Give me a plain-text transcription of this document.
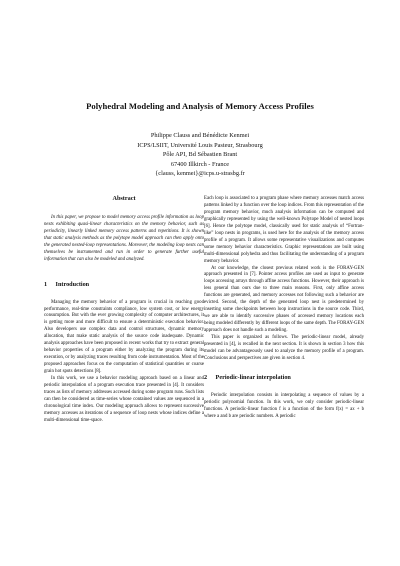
Polyhedral Modeling and Analysis of Memory Access Profiles
Philippe Clauss and Bénédicte Kenmei
ICPS/LSIIT, Université Louis Pasteur, Strasbourg
Pôle API, Bd Sébastien Brant
67400 Illkirch - France
{clauss, kenmei}@icps.u-strasbg.fr
Abstract

In this paper, we propose to model memory access profile information as loop nests exhibiting quasi-linear characteristics on the memory behavior, such as periodicity, linearly linked memory access patterns and repetitions. It is shown that static analysis methods as the polytope model approach can then apply onto the generated nested-loop representations. Moreover, the modeling loop nests can themselves be instrumented and run in order to generate further useful information that can also be modeled and analyzed.

1 Introduction

Managing the memory behavior of a program is crucial in reaching good performance, real-time constraints compliance, low system cost, or low energy consumption. But with the ever growing complexity of computer architectures, it is getting more and more difficult to ensure a deterministic execution behavior. Also developers use complex data and control structures, dynamic memory allocation, that make static analysis of the source code inadequate. Dynamic analysis approaches have been proposed in recent works that try to extract general behavior properties of a program either by analyzing the program during its execution, or by analyzing traces resulting from code instrumentation. Most of the proposed approaches focus on the computation of statistical quantities or coarse grain hot spots detections [8].

In this work, we use a behavior modeling approach based on a linear and periodic interpolation of a program execution trace presented in [4]. It considers traces as lists of memory addresses accessed during some program runs. Such lists can then be considered as time-series whose contained values are sequenced in a chronological time index. Our modeling approach allows to represent successive memory accesses as iterations of a sequence of loop nests whose indices define a multi-dimensional time-space.

Each loop is associated to a program phase where memory accesses match access patterns linked by a function over the loop indices. From this representation of the program memory behavior, much analysis information can be computed and graphically represented by using the well-known Polytope Model of nested loops [6]. Hence the polytope model, classically used for static analysis of “Fortran-like” loop nests in programs, is used here for the analysis of the memory access profile of a program. It allows some representative visualizations and computes some memory behavior characteristics. Graphic representations are built using multi-dimensional polyhedra and thus facilitating the understanding of a program memory behavior.

At our knowledge, the closest previous related work is the FORAY-GEN approach presented in [7]. Pointer access profiles are used as input to generate loops accessing arrays through affine access functions. However, their approach is less general than ours due to three main reasons. First, only affine access functions are generated, and memory accesses not following such a behavior are evicted. Second, the depth of the generated loop nest is predetermined by inserting some checkpoints between loop instructions in the source code. Third, we are able to identify successive phases of accessed memory locations each being modeled differently by different loops of the same depth. The FORAY-GEN approach does not handle such a modeling.

This paper is organized as follows. The periodic-linear model, already presented in [4], is recalled in the next section. It is shown in section 3 how this model can be advantageously used to analyze the memory profile of a program. Conclusions and perspectives are given in section 4.

2 Periodic-linear interpolation

Periodic interpolation consists in interpolating a sequence of values by a periodic polynomial function. In this work, we only consider periodic-linear functions. A periodic-linear function f is a function of the form f(x) = ax + b where a and b are periodic numbers. A periodic
